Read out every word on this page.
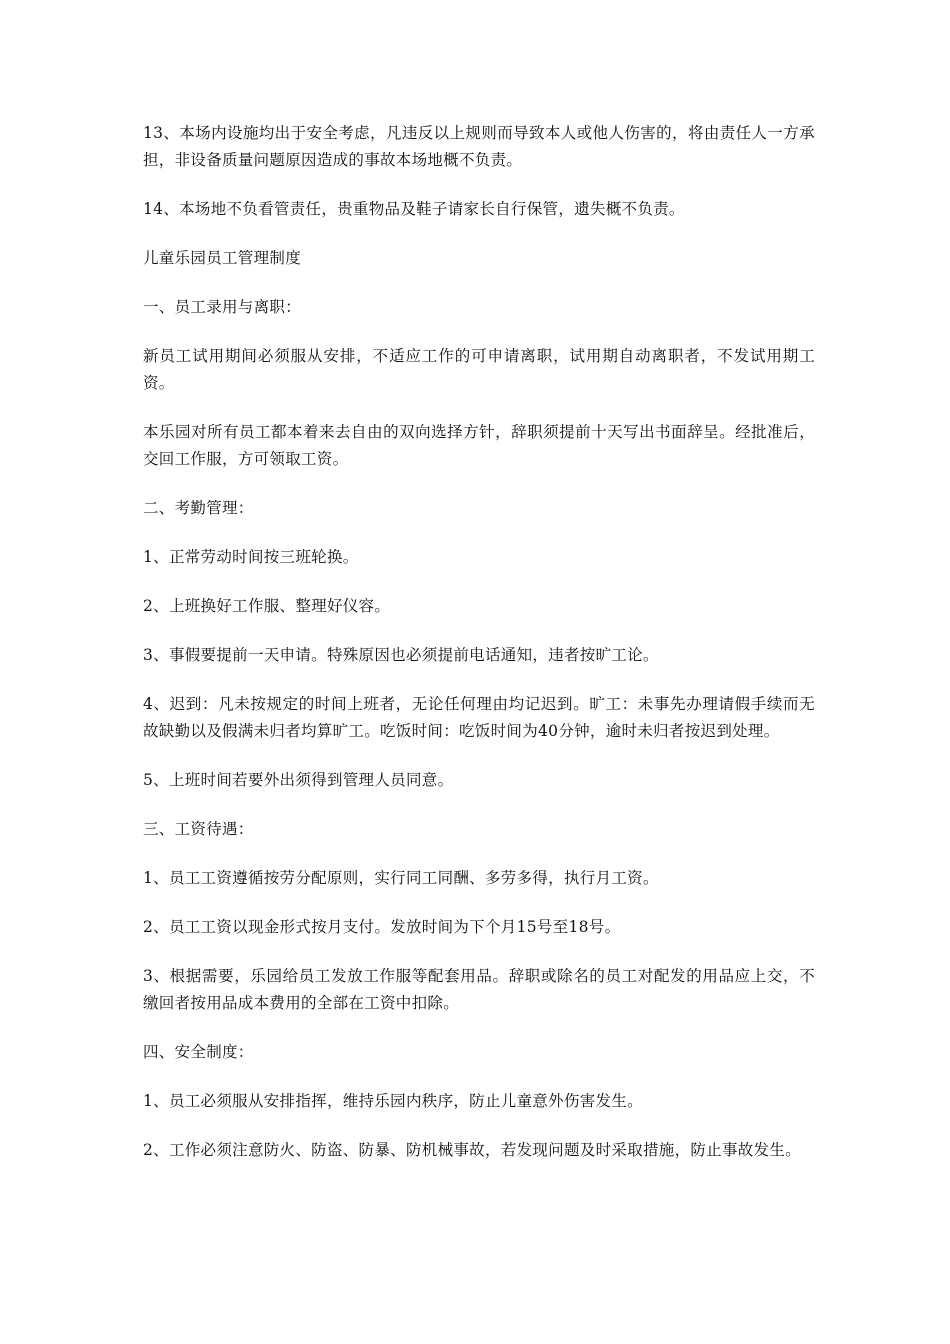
13、本场内设施均出于安全考虑，凡违反以上规则而导致本人或他人伤害的，将由责任人一方承担，非设备质量问题原因造成的事故本场地概不负责。

14、本场地不负看管责任，贵重物品及鞋子请家长自行保管，遗失概不负责。

儿童乐园员工管理制度

一、员工录用与离职：

新员工试用期间必须服从安排，不适应工作的可申请离职，试用期自动离职者，不发试用期工资。

本乐园对所有员工都本着来去自由的双向选择方针，辞职须提前十天写出书面辞呈。经批准后，交回工作服，方可领取工资。

二、考勤管理：

1、正常劳动时间按三班轮换。

2、上班换好工作服、整理好仪容。

3、事假要提前一天申请。特殊原因也必须提前电话通知，违者按旷工论。

4、迟到：凡未按规定的时间上班者，无论任何理由均记迟到。旷工：未事先办理请假手续而无故缺勤以及假满未归者均算旷工。吃饭时间：吃饭时间为40分钟，逾时未归者按迟到处理。

5、上班时间若要外出须得到管理人员同意。

三、工资待遇：

1、员工工资遵循按劳分配原则，实行同工同酬、多劳多得，执行月工资。

2、员工工资以现金形式按月支付。发放时间为下个月15号至18号。

3、根据需要，乐园给员工发放工作服等配套用品。辞职或除名的员工对配发的用品应上交，不缴回者按用品成本费用的全部在工资中扣除。

四、安全制度：

1、员工必须服从安排指挥，维持乐园内秩序，防止儿童意外伤害发生。

2、工作必须注意防火、防盗、防暴、防机械事故，若发现问题及时采取措施，防止事故发生。
